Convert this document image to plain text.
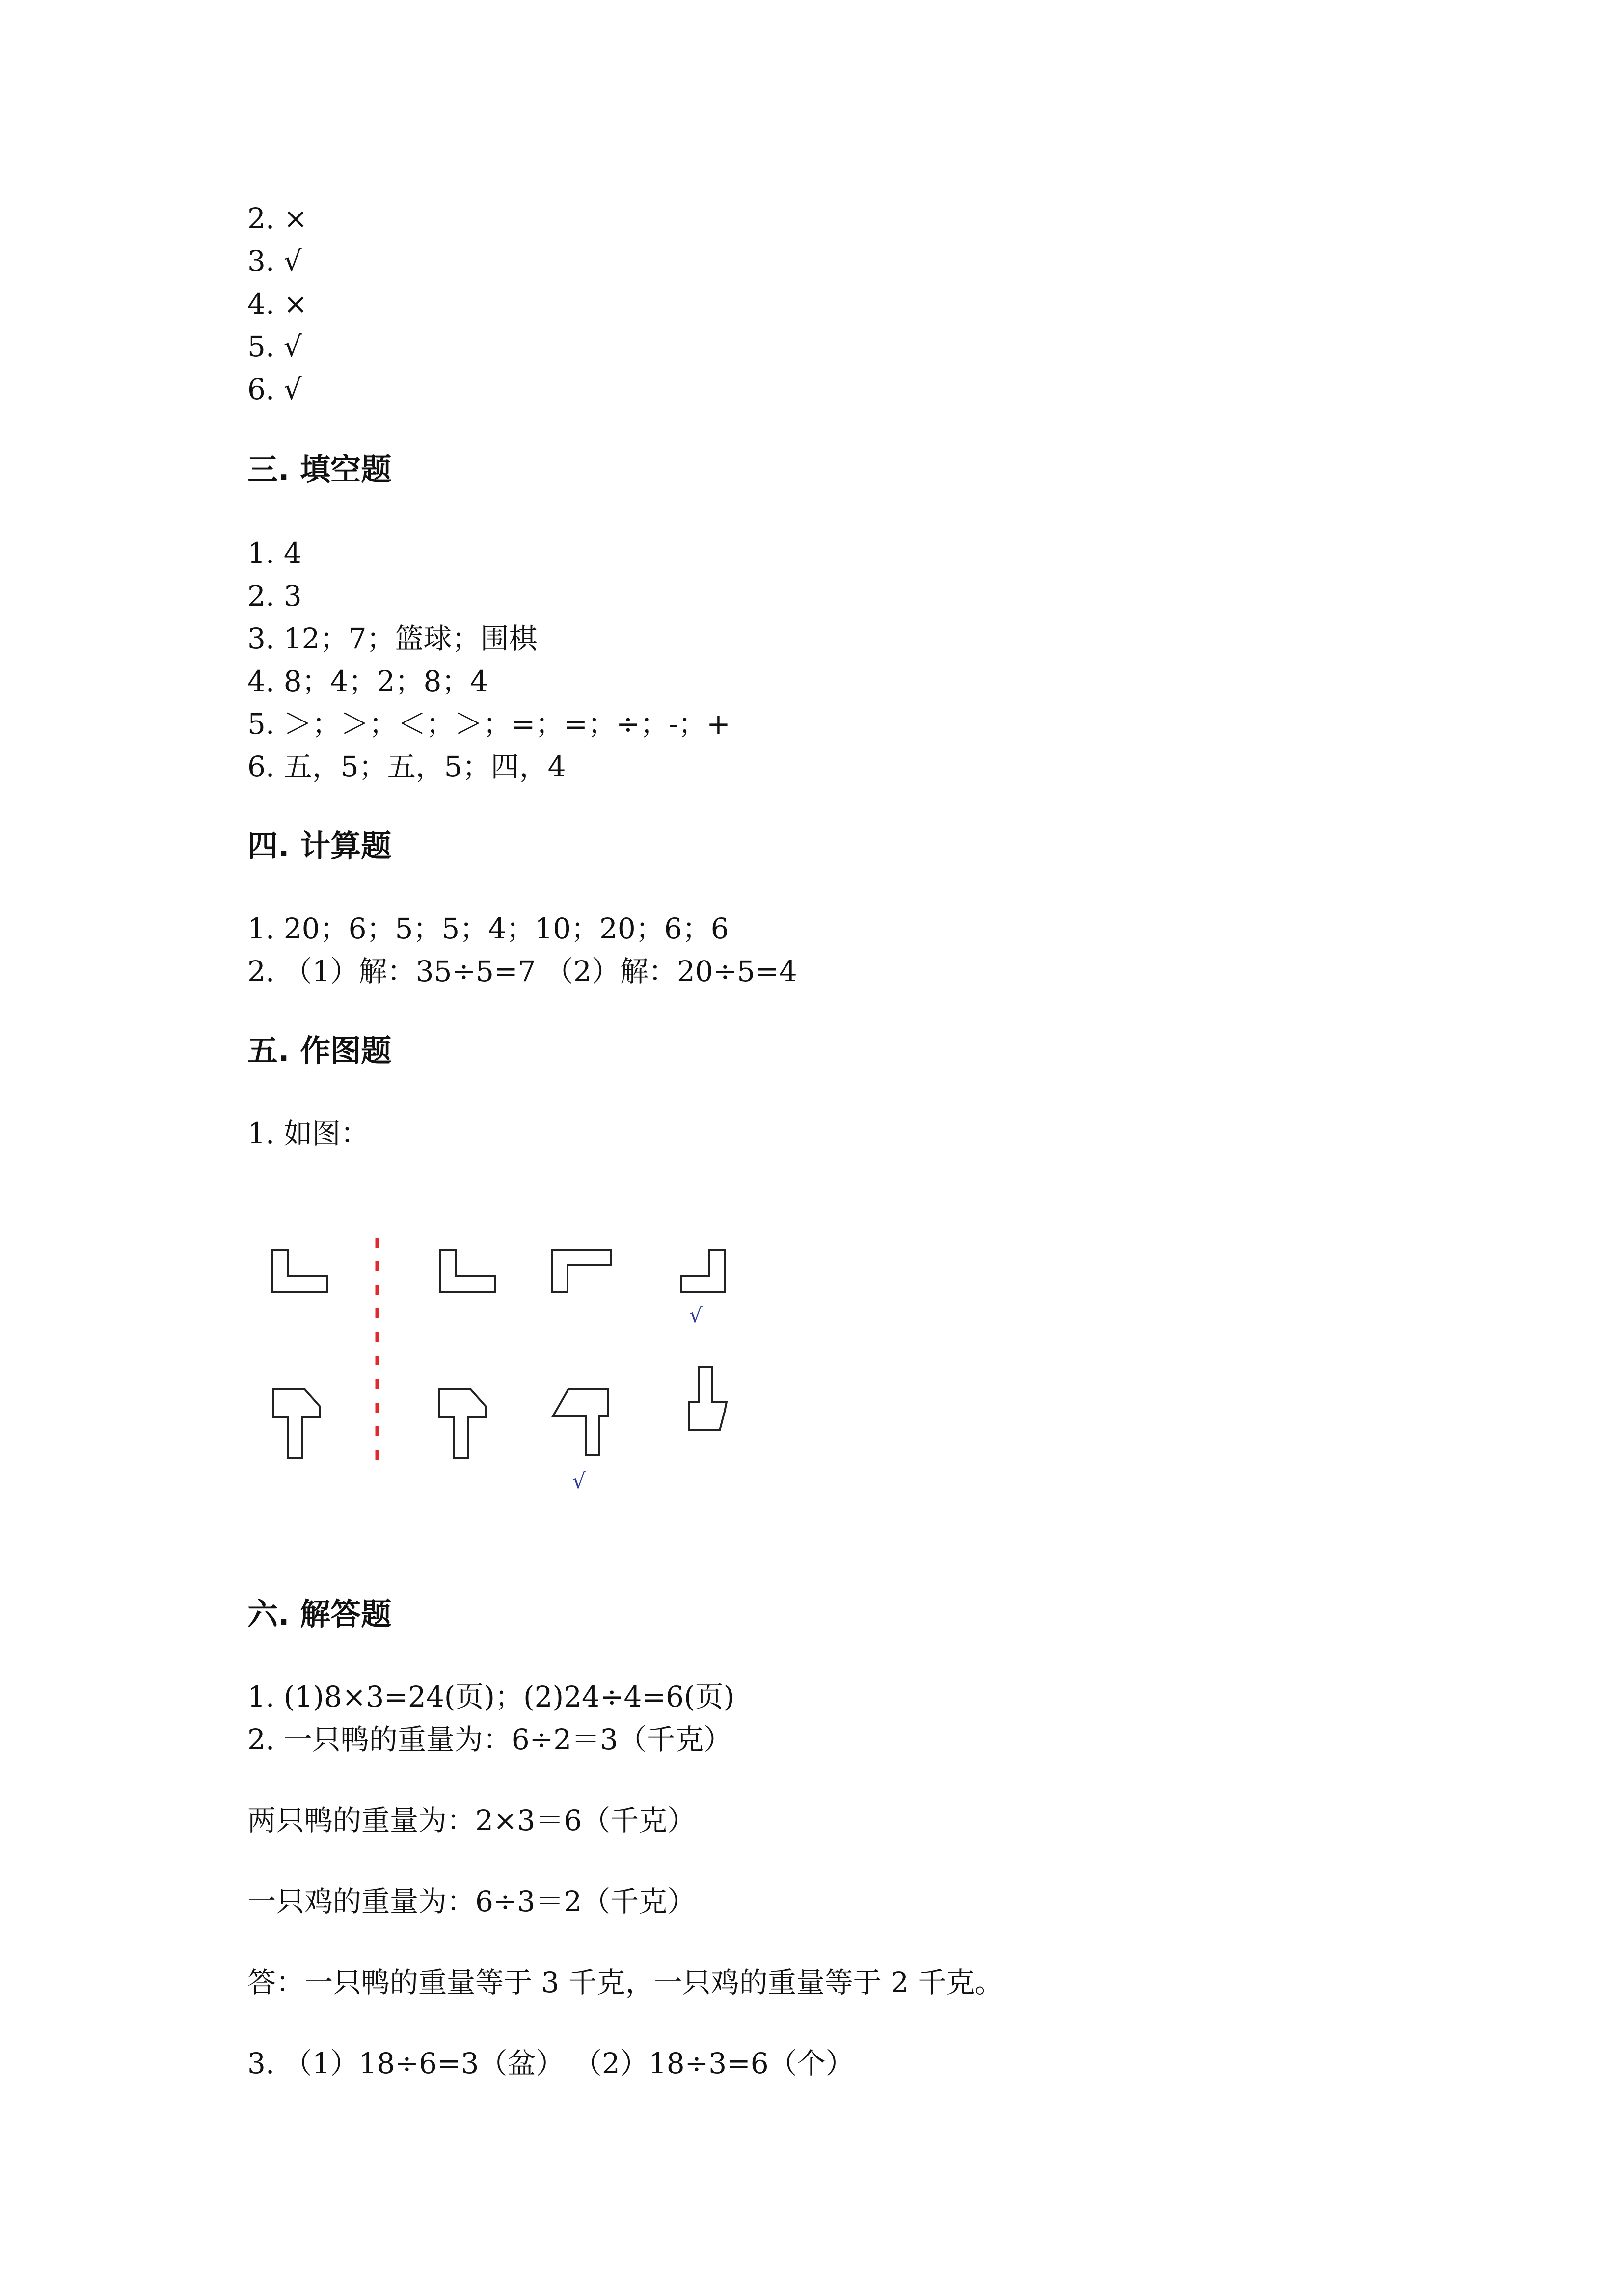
2. ×
3. √
4. ×
5. √
6. √
三. 填空题
1. 4
2. 3
3. 12；7；篮球；围棋
4. 8；4；2；8；4
5. ＞；＞；＜；＞；=；=；÷；-；+
6. 五，5；五，5；四，4
四. 计算题
1. 20；6；5；5；4；10；20；6；6
2. （1）解：35÷5=7 （2）解：20÷5=4
五. 作图题
1. 如图：
√
√
六. 解答题
1. (1)8×3=24(页)；(2)24÷4=6(页)
2. 一只鸭的重量为：6÷2＝3（千克）
两只鸭的重量为：2×3＝6（千克）
一只鸡的重量为：6÷3＝2（千克）
答：一只鸭的重量等于 3 千克，一只鸡的重量等于 2 千克。
3. （1）18÷6=3（盆） （2）18÷3=6（个）
